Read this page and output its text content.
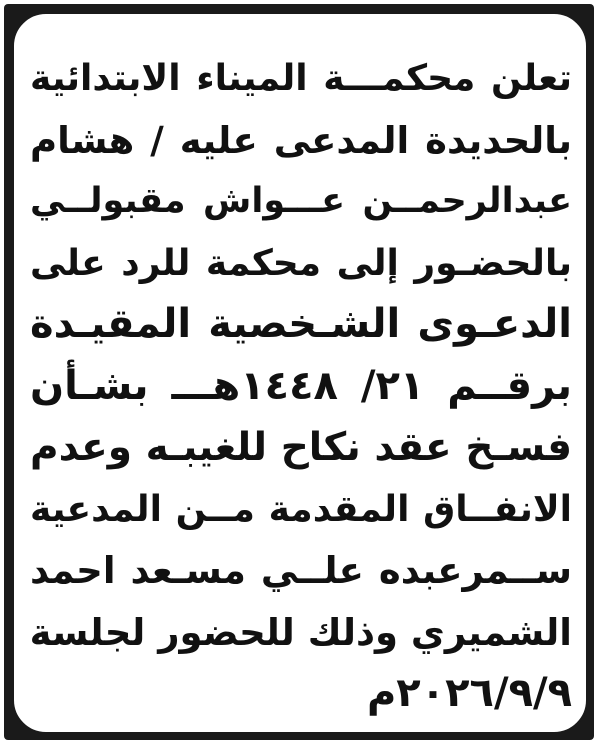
تعلن محكمـــة الميناء الابتدائية
بالحديدة المدعى عليه / هشام
عبدالرحمــن عـــواش مقبولــي
بالحضـور إلى محكمة للرد على
الدعـوى الشـخصية المقيـدة
برقــم ٢١/ ١٤٤٨هـــ بشـأن
فسـخ عقد نكاح للغيبـه وعدم
الانفــاق المقدمة مــن المدعية
ســمرعبده علــي مسـعد احمد
الشميري وذلك للحضور لجلسة
٢٠٢٦/٩/٩م
